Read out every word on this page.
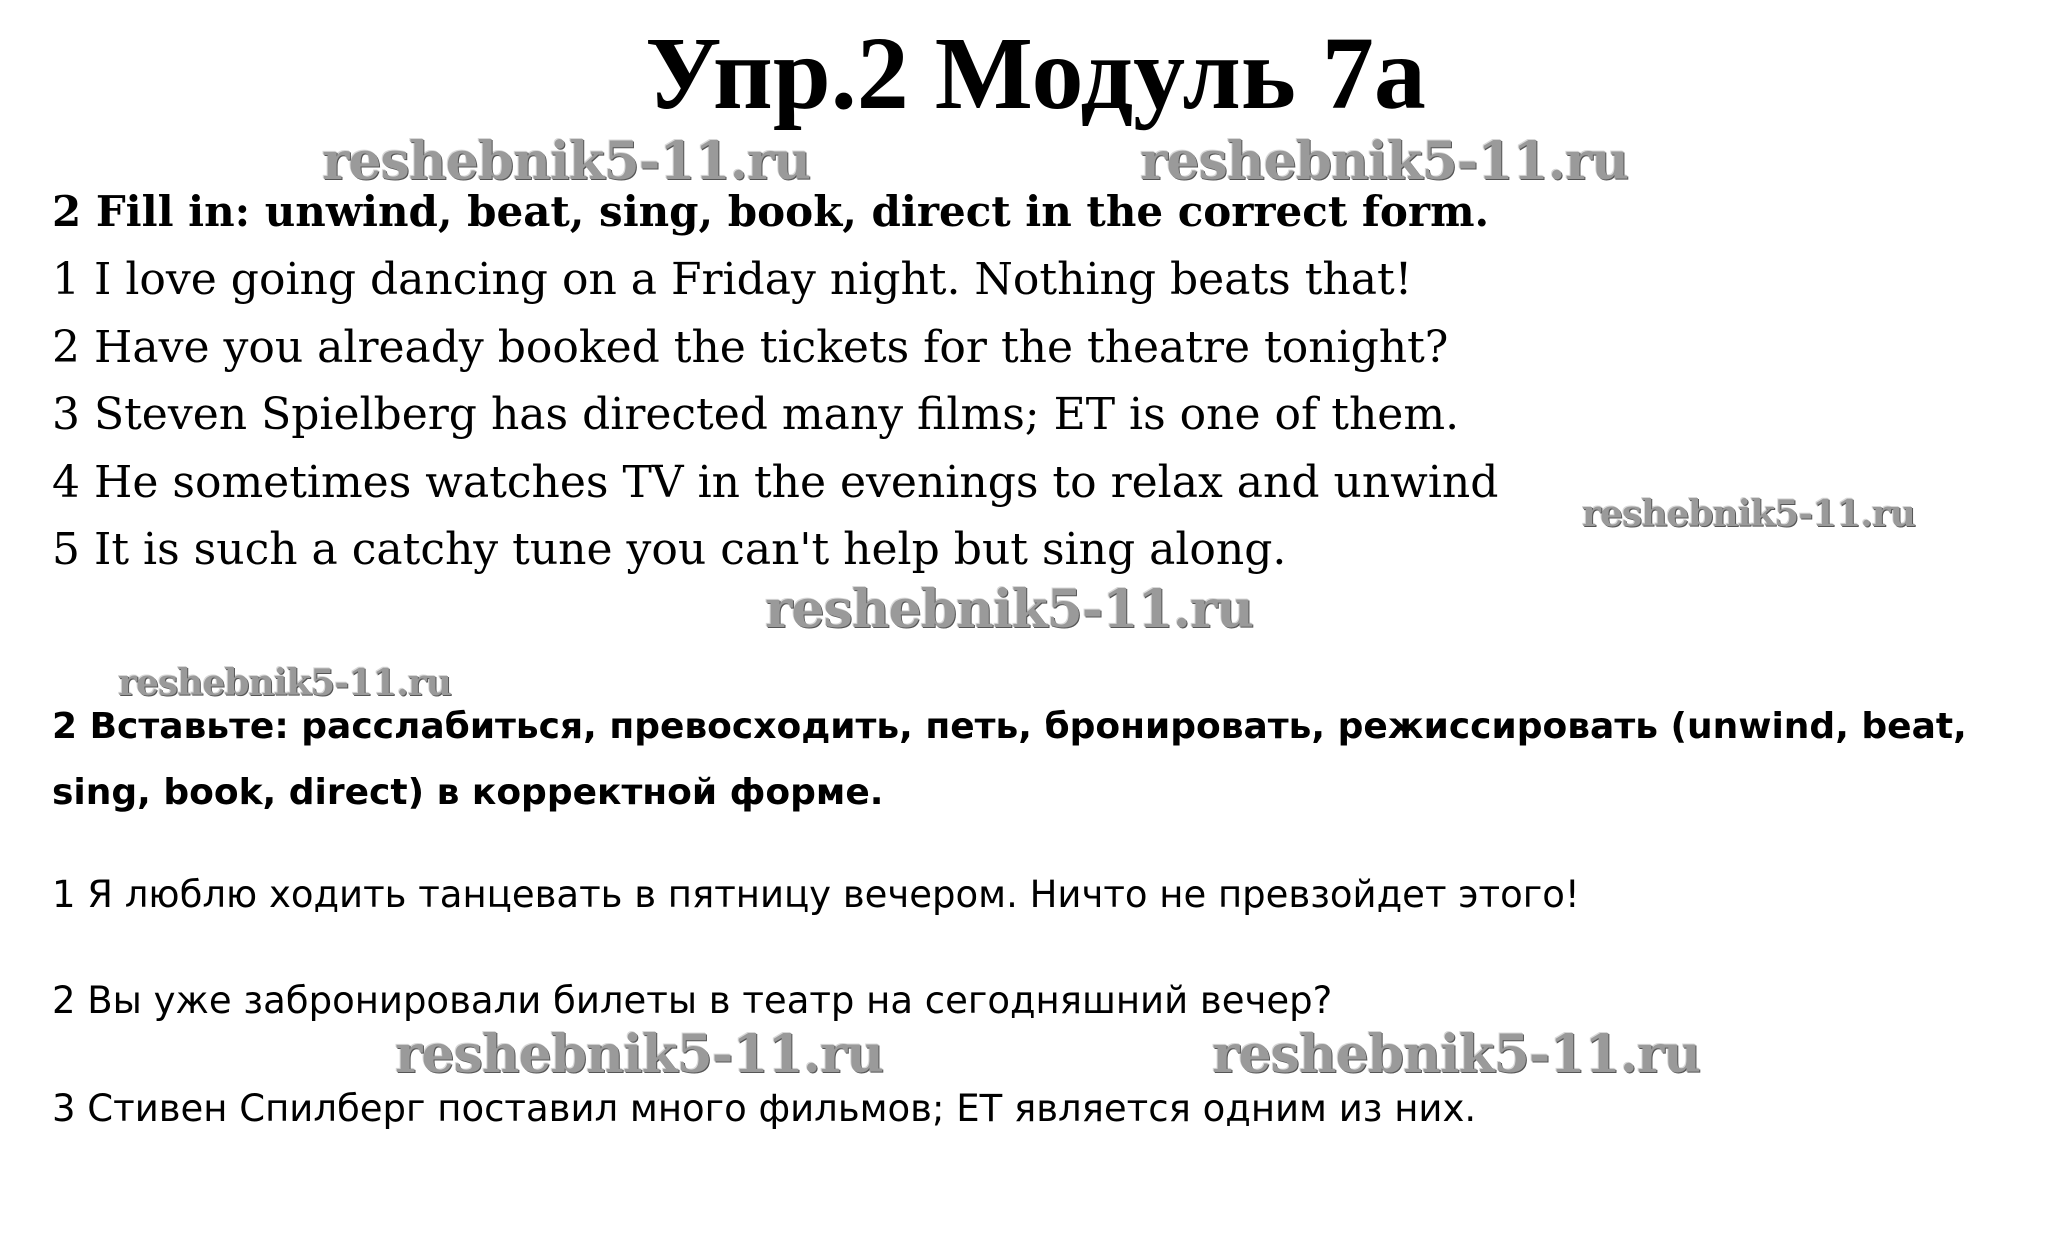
Упр.2 Модуль 7а
reshebnik5-11.ru	reshebnik5-11.ru
2 Fill in: unwind, beat, sing, book, direct in the correct form.
1 I love going dancing on a Friday night. Nothing beats that!
2 Have you already booked the tickets for the theatre tonight?
3 Steven Spielberg has directed many films; ET is one of them.
4 He sometimes watches TV in the evenings to relax and unwind
5 It is such a catchy tune you can't help but sing along.
reshebnik5-11.ru
reshebnik5-11.ru
reshebnik5-11.ru
2 Вставьте: расслабиться, превосходить, петь, бронировать, режиссировать (unwind, beat, sing, book, direct) в корректной форме.
1 Я люблю ходить танцевать в пятницу вечером. Ничто не превзойдет этого!
2 Вы уже забронировали билеты в театр на сегодняшний вечер?
reshebnik5-11.ru	reshebnik5-11.ru
3 Стивен Спилберг поставил много фильмов; ET является одним из них.
